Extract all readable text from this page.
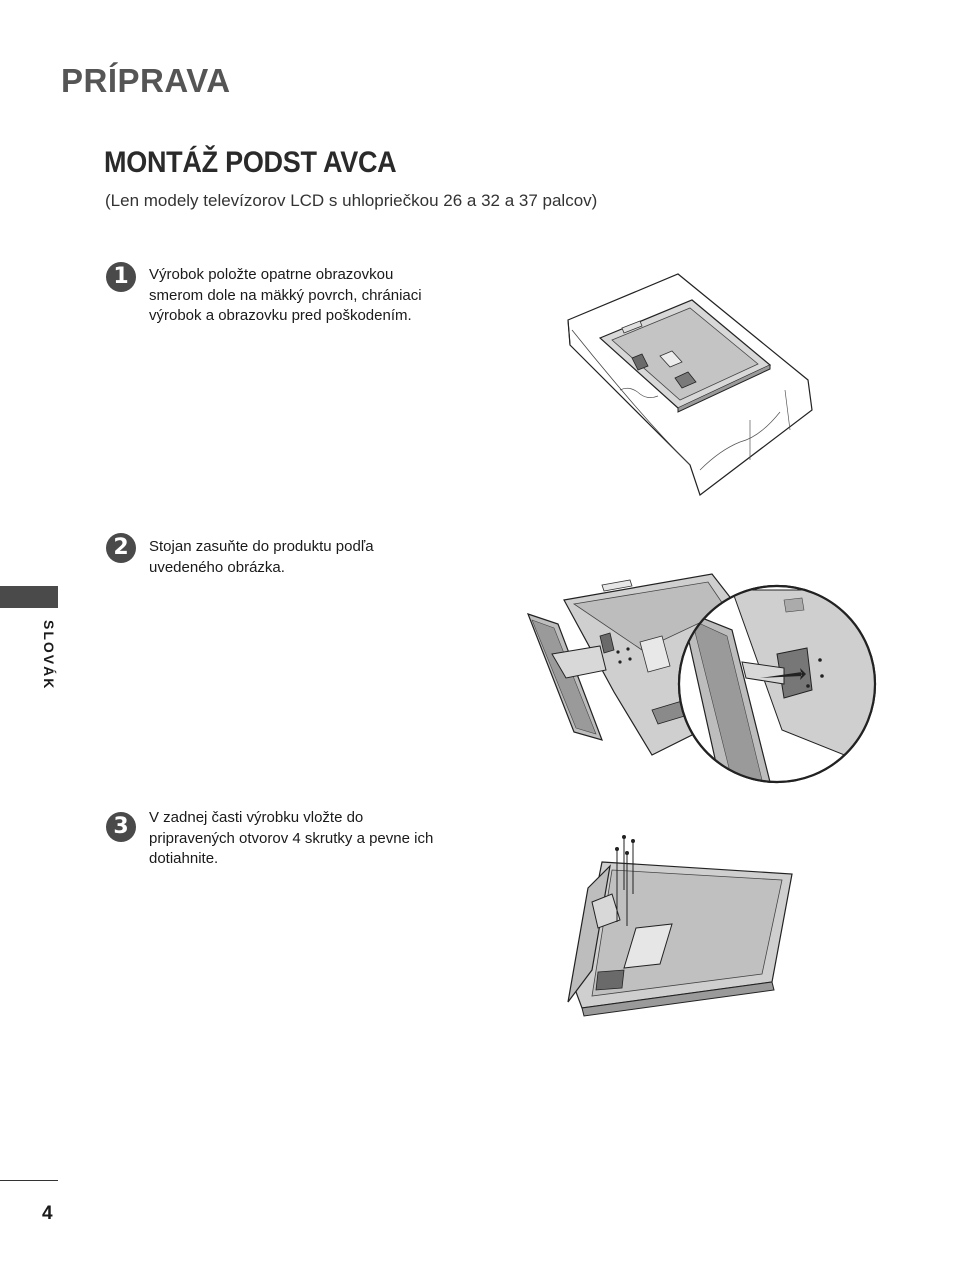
PRÍPRAVA
MONTÁŽ PODST AVCA

(Len modely televízorov LCD s uhlopriečkou 26 a 32 a 37 palcov)

1	Výrobok položte opatrne obrazovkou
smerom dole na mäkký povrch, chrániaci
výrobok a obrazovku pred poškodením.

2	Stojan zasuňte do produktu podľa
uvedeného obrázka.

3	V zadnej časti výrobku vložte do
pripravených otvorov 4 skrutky a pevne ich
dotiahnite.

SLOVÁK
4
